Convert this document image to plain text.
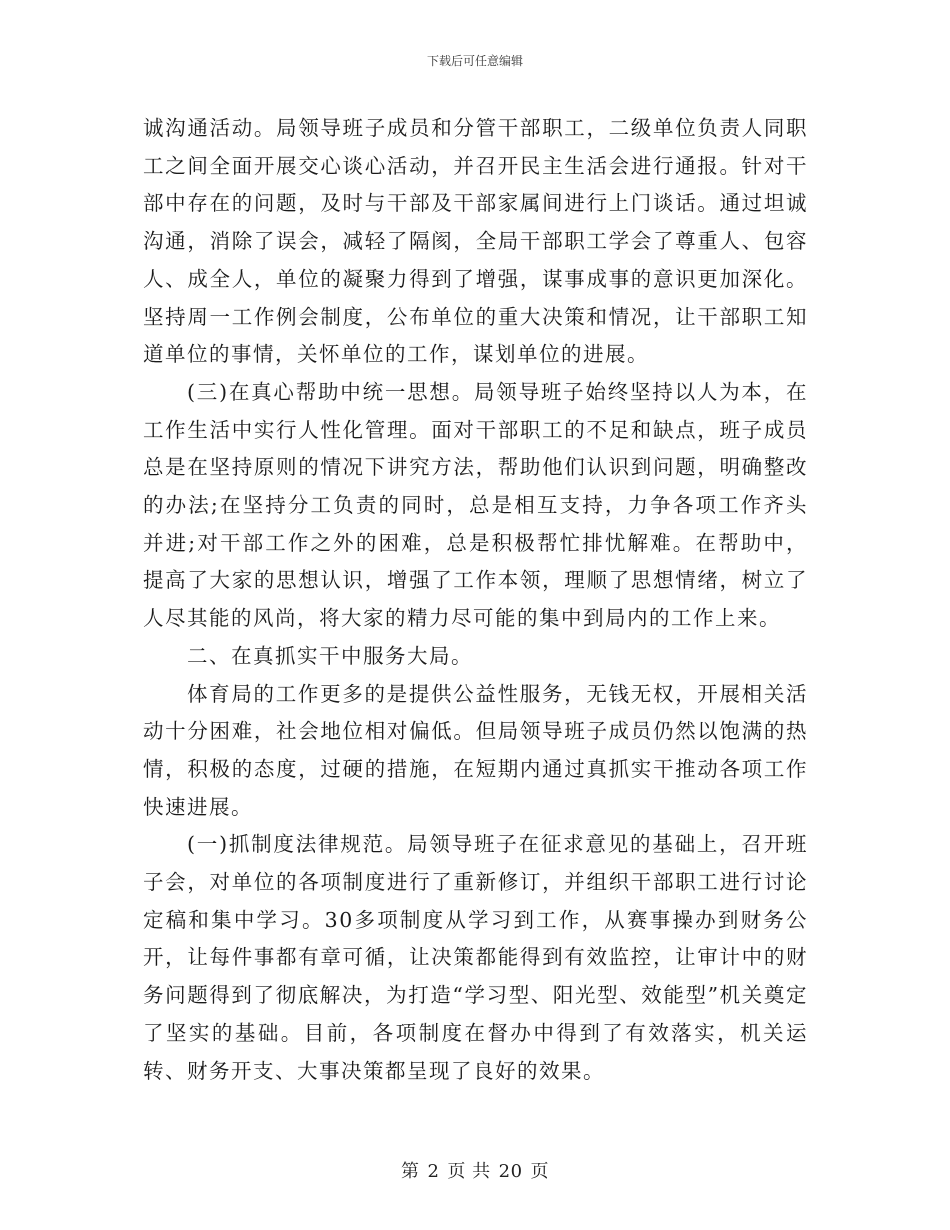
下载后可任意编辑

诚沟通活动。局领导班子成员和分管干部职工，二级单位负责人同职工之间全面开展交心谈心活动，并召开民主生活会进行通报。针对干部中存在的问题，及时与干部及干部家属间进行上门谈话。通过坦诚沟通，消除了误会，减轻了隔阂，全局干部职工学会了尊重人、包容人、成全人，单位的凝聚力得到了增强，谋事成事的意识更加深化。坚持周一工作例会制度，公布单位的重大决策和情况，让干部职工知道单位的事情，关怀单位的工作，谋划单位的进展。

(三)在真心帮助中统一思想。局领导班子始终坚持以人为本，在工作生活中实行人性化管理。面对干部职工的不足和缺点，班子成员总是在坚持原则的情况下讲究方法，帮助他们认识到问题，明确整改的办法;在坚持分工负责的同时，总是相互支持，力争各项工作齐头并进;对干部工作之外的困难，总是积极帮忙排忧解难。在帮助中，提高了大家的思想认识，增强了工作本领，理顺了思想情绪，树立了人尽其能的风尚，将大家的精力尽可能的集中到局内的工作上来。

二、在真抓实干中服务大局。

体育局的工作更多的是提供公益性服务，无钱无权，开展相关活动十分困难，社会地位相对偏低。但局领导班子成员仍然以饱满的热情，积极的态度，过硬的措施，在短期内通过真抓实干推动各项工作快速进展。

(一)抓制度法律规范。局领导班子在征求意见的基础上，召开班子会，对单位的各项制度进行了重新修订，并组织干部职工进行讨论定稿和集中学习。30多项制度从学习到工作，从赛事操办到财务公开，让每件事都有章可循，让决策都能得到有效监控，让审计中的财务问题得到了彻底解决，为打造“学习型、阳光型、效能型”机关奠定了坚实的基础。目前，各项制度在督办中得到了有效落实，机关运转、财务开支、大事决策都呈现了良好的效果。

第 2 页 共 20 页
